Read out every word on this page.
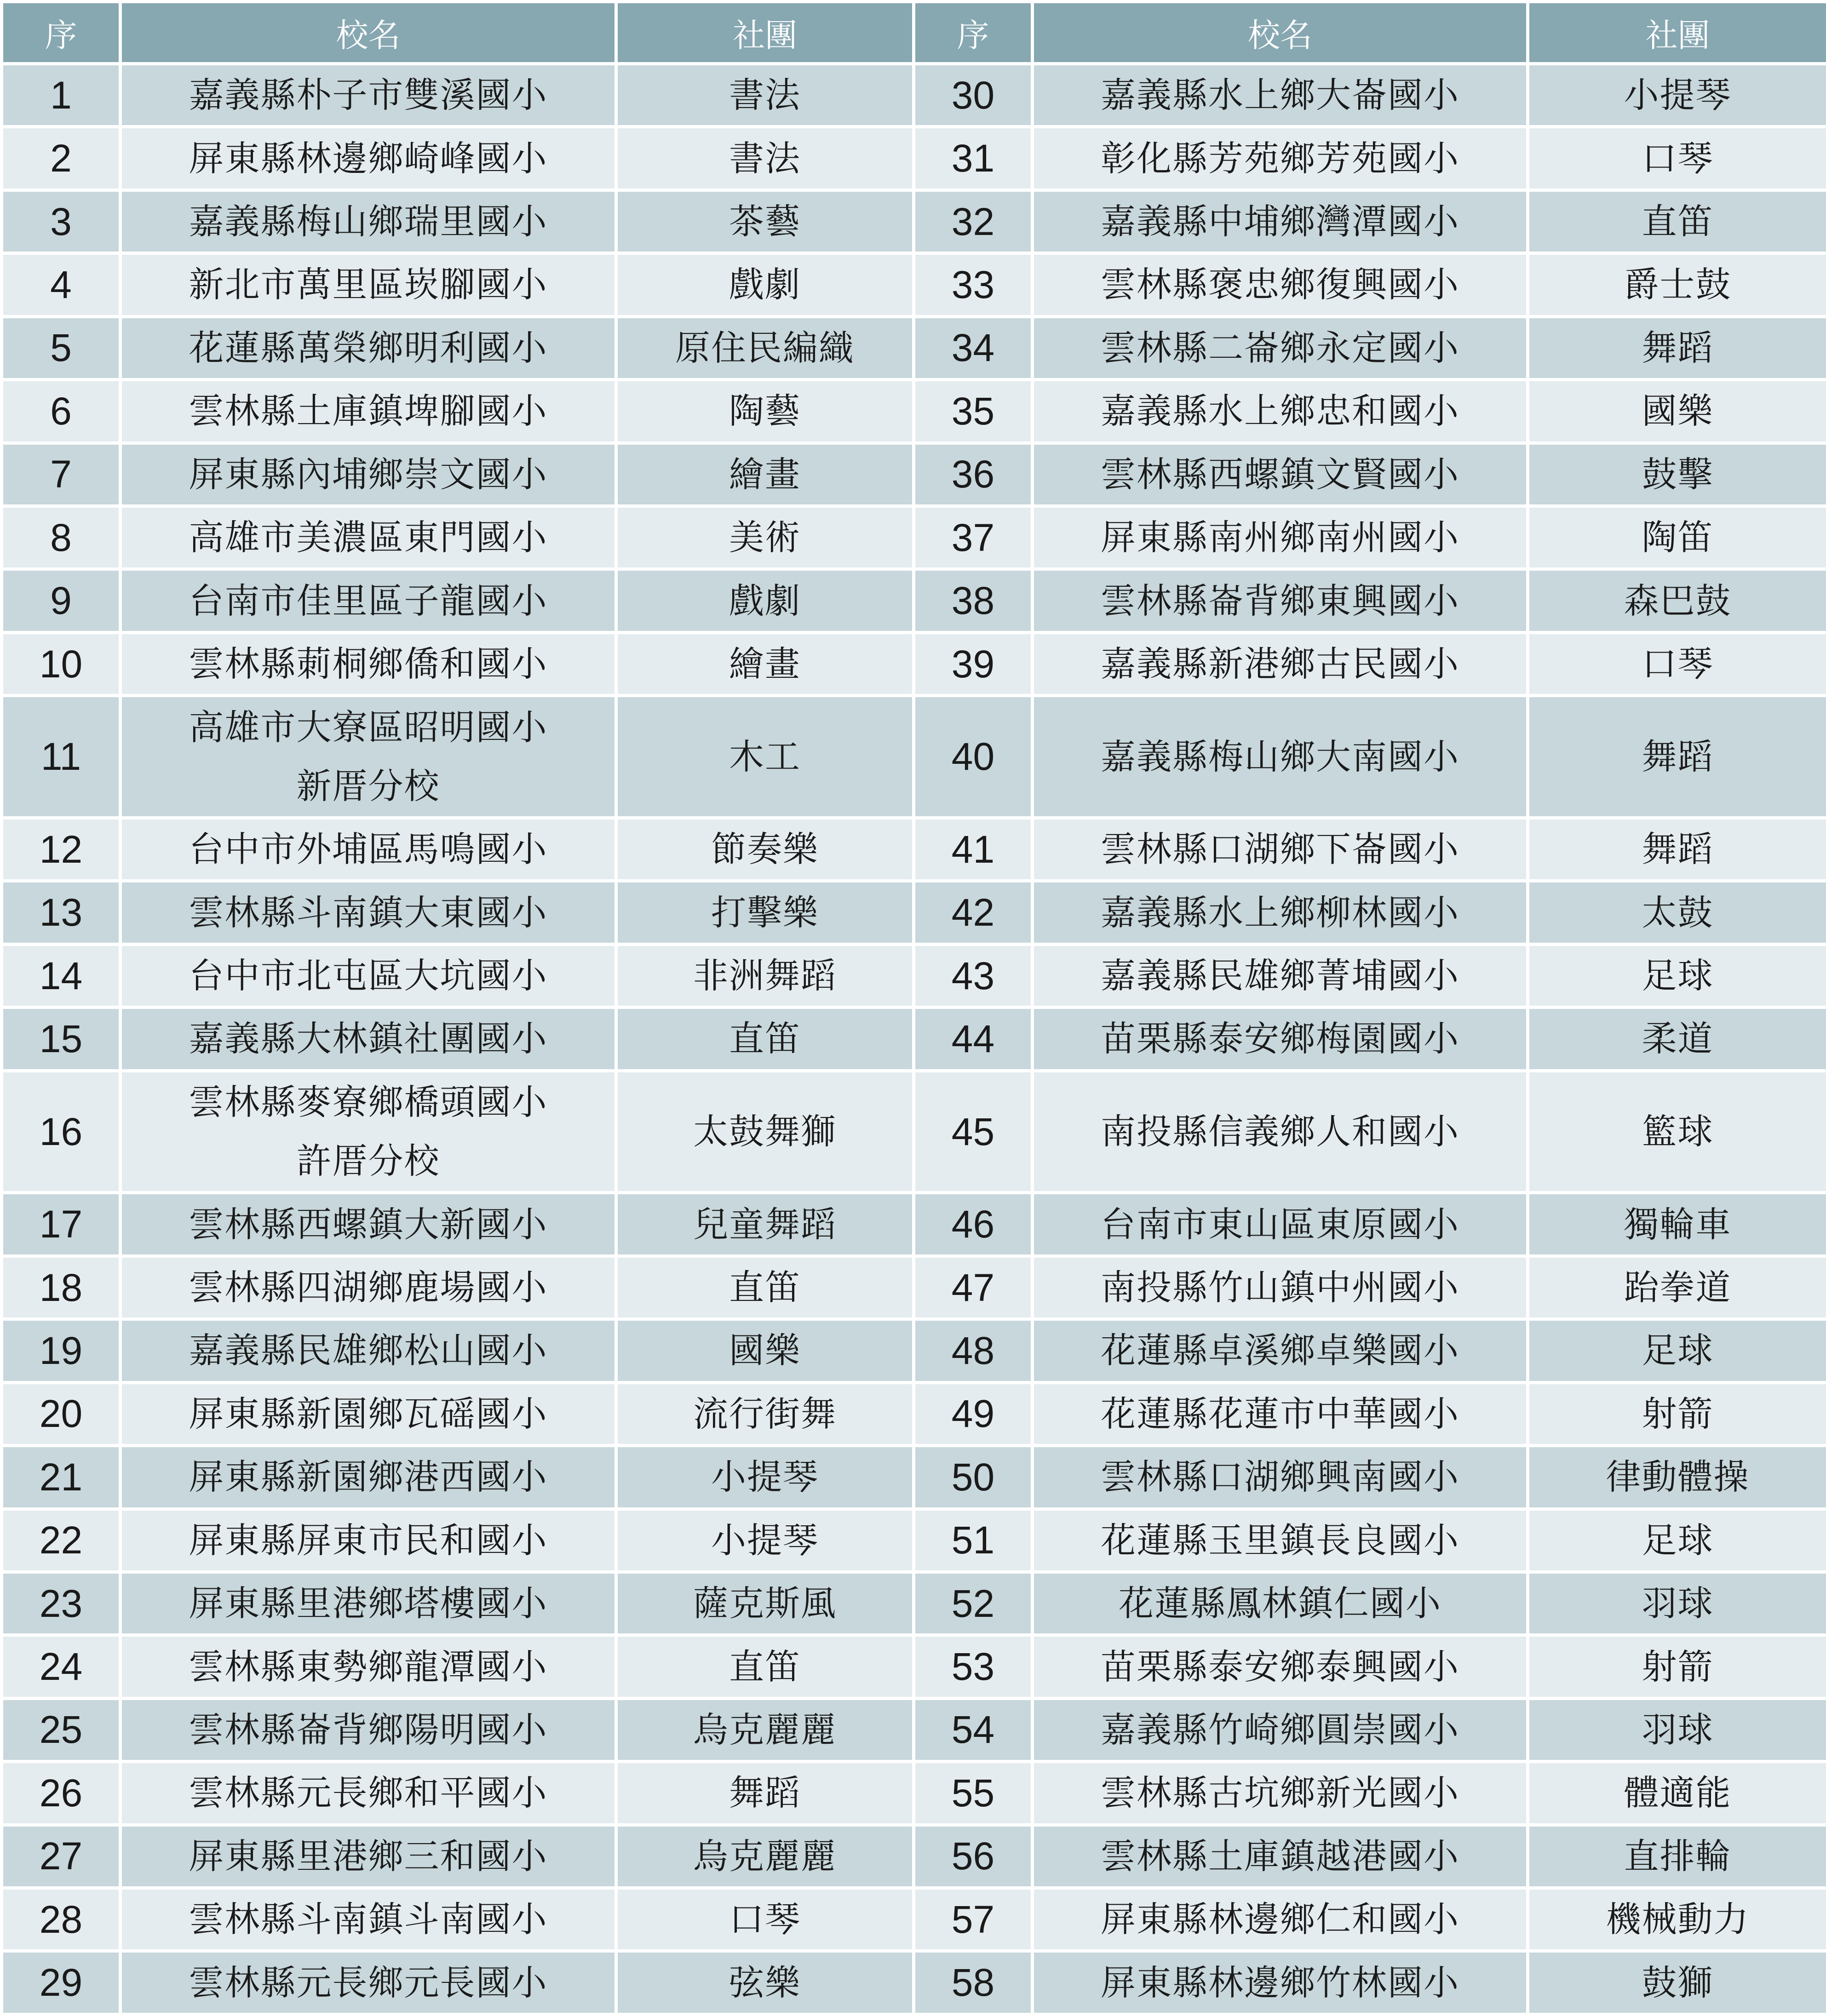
序	校名	社團	序	校名	社團
1	嘉義縣朴子市雙溪國小	書法	30	嘉義縣水上鄉大崙國小	小提琴
2	屏東縣林邊鄉崎峰國小	書法	31	彰化縣芳苑鄉芳苑國小	口琴
3	嘉義縣梅山鄉瑞里國小	茶藝	32	嘉義縣中埔鄉灣潭國小	直笛
4	新北市萬里區崁腳國小	戲劇	33	雲林縣褒忠鄉復興國小	爵士鼓
5	花蓮縣萬榮鄉明利國小	原住民編織	34	雲林縣二崙鄉永定國小	舞蹈
6	雲林縣土庫鎮埤腳國小	陶藝	35	嘉義縣水上鄉忠和國小	國樂
7	屏東縣內埔鄉崇文國小	繪畫	36	雲林縣西螺鎮文賢國小	鼓擊
8	高雄市美濃區東門國小	美術	37	屏東縣南州鄉南州國小	陶笛
9	台南市佳里區子龍國小	戲劇	38	雲林縣崙背鄉東興國小	森巴鼓
10	雲林縣莿桐鄉僑和國小	繪畫	39	嘉義縣新港鄉古民國小	口琴
11	高雄市大寮區昭明國小
新厝分校	木工	40	嘉義縣梅山鄉大南國小	舞蹈
12	台中市外埔區馬鳴國小	節奏樂	41	雲林縣口湖鄉下崙國小	舞蹈
13	雲林縣斗南鎮大東國小	打擊樂	42	嘉義縣水上鄉柳林國小	太鼓
14	台中市北屯區大坑國小	非洲舞蹈	43	嘉義縣民雄鄉菁埔國小	足球
15	嘉義縣大林鎮社團國小	直笛	44	苗栗縣泰安鄉梅園國小	柔道
16	雲林縣麥寮鄉橋頭國小
許厝分校	太鼓舞獅	45	南投縣信義鄉人和國小	籃球
17	雲林縣西螺鎮大新國小	兒童舞蹈	46	台南市東山區東原國小	獨輪車
18	雲林縣四湖鄉鹿場國小	直笛	47	南投縣竹山鎮中州國小	跆拳道
19	嘉義縣民雄鄉松山國小	國樂	48	花蓮縣卓溪鄉卓樂國小	足球
20	屏東縣新園鄉瓦磘國小	流行街舞	49	花蓮縣花蓮市中華國小	射箭
21	屏東縣新園鄉港西國小	小提琴	50	雲林縣口湖鄉興南國小	律動體操
22	屏東縣屏東市民和國小	小提琴	51	花蓮縣玉里鎮長良國小	足球
23	屏東縣里港鄉塔樓國小	薩克斯風	52	花蓮縣鳳林鎮仁國小	羽球
24	雲林縣東勢鄉龍潭國小	直笛	53	苗栗縣泰安鄉泰興國小	射箭
25	雲林縣崙背鄉陽明國小	烏克麗麗	54	嘉義縣竹崎鄉圓崇國小	羽球
26	雲林縣元長鄉和平國小	舞蹈	55	雲林縣古坑鄉新光國小	體適能
27	屏東縣里港鄉三和國小	烏克麗麗	56	雲林縣土庫鎮越港國小	直排輪
28	雲林縣斗南鎮斗南國小	口琴	57	屏東縣林邊鄉仁和國小	機械動力
29	雲林縣元長鄉元長國小	弦樂	58	屏東縣林邊鄉竹林國小	鼓獅
